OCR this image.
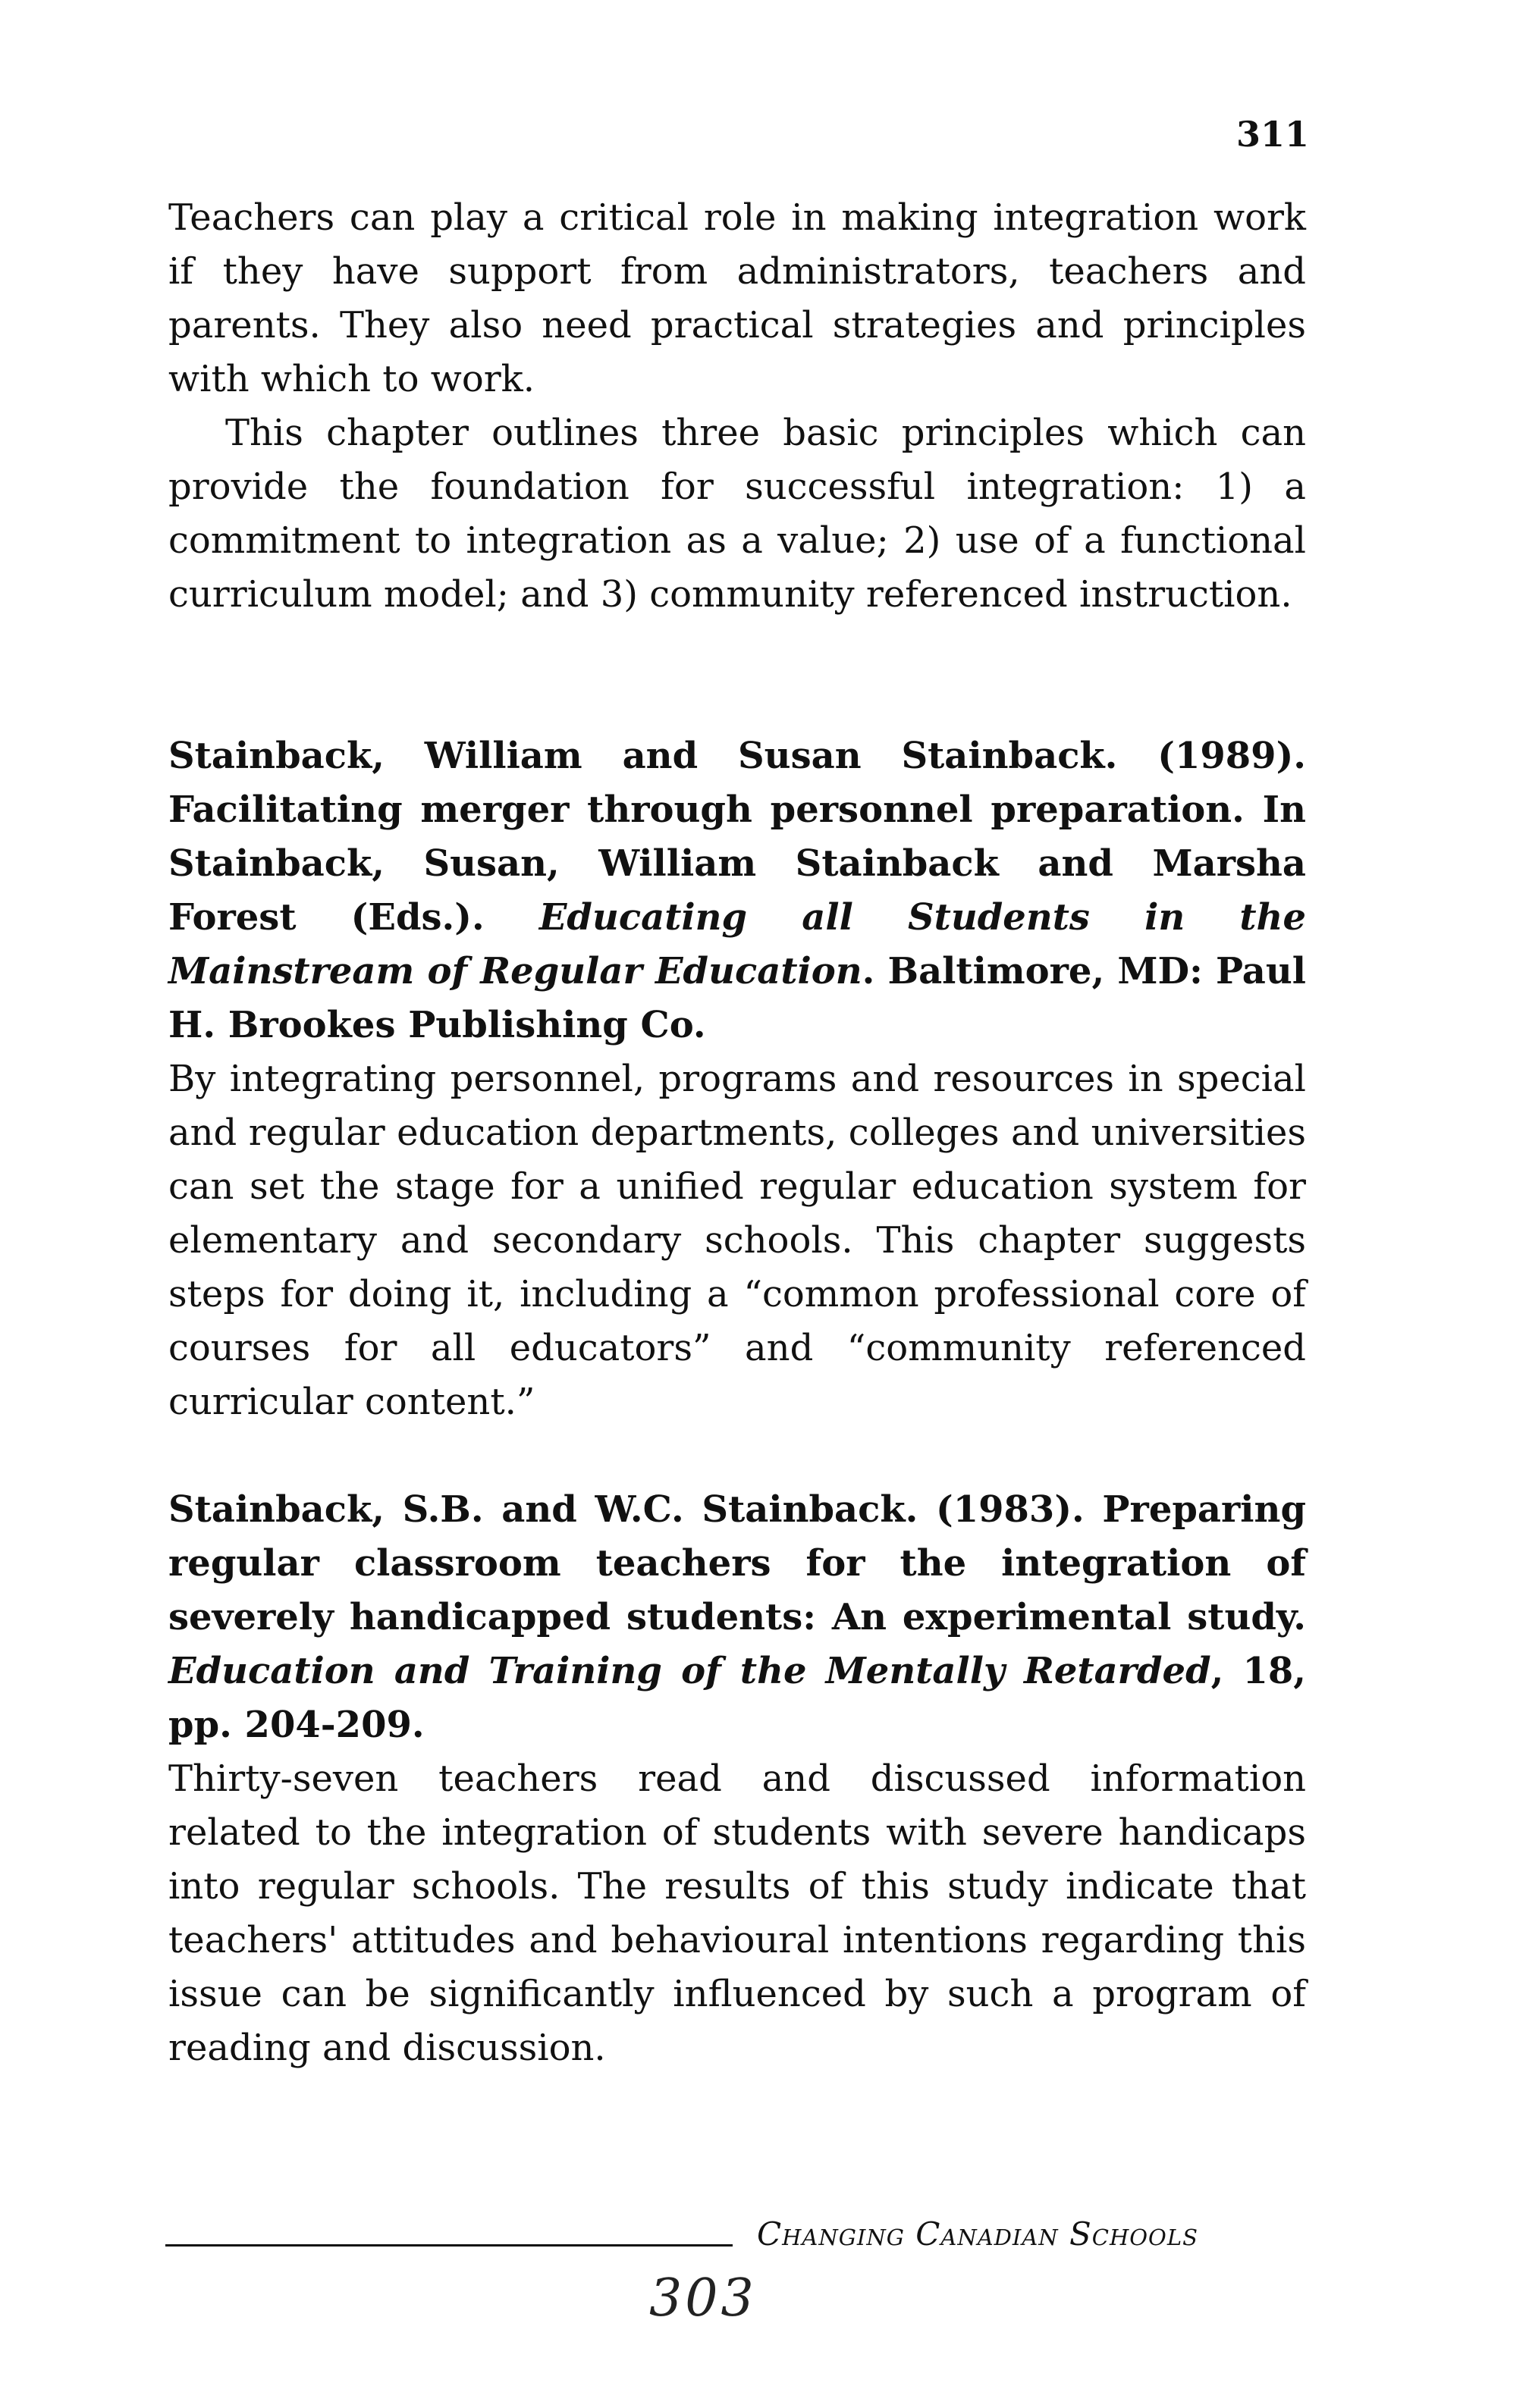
311

Teachers can play a critical role in making integration work if they have support from administrators, teachers and parents. They also need practical strategies and principles with which to work.

This chapter outlines three basic principles which can provide the foundation for successful integration: 1) a commitment to integration as a value; 2) use of a functional curriculum model; and 3) community referenced instruction.

Stainback, William and Susan Stainback. (1989). Facilitating merger through personnel preparation. In Stainback, Susan, William Stainback and Marsha Forest (Eds.). Educating all Students in the Mainstream of Regular Education. Baltimore, MD: Paul H. Brookes Publishing Co.

By integrating personnel, programs and resources in special and regular education departments, colleges and universities can set the stage for a unified regular education system for elementary and secondary schools. This chapter suggests steps for doing it, including a “common professional core of courses for all educators” and “community referenced curricular content.”

Stainback, S.B. and W.C. Stainback. (1983). Preparing regular classroom teachers for the integration of severely handicapped students: An experimental study. Education and Training of the Mentally Retarded, 18, pp. 204-209.

Thirty-seven teachers read and discussed information related to the integration of students with severe handicaps into regular schools. The results of this study indicate that teachers' attitudes and behavioural intentions regarding this issue can be significantly influenced by such a program of reading and discussion.

Changing Canadian Schools
303
